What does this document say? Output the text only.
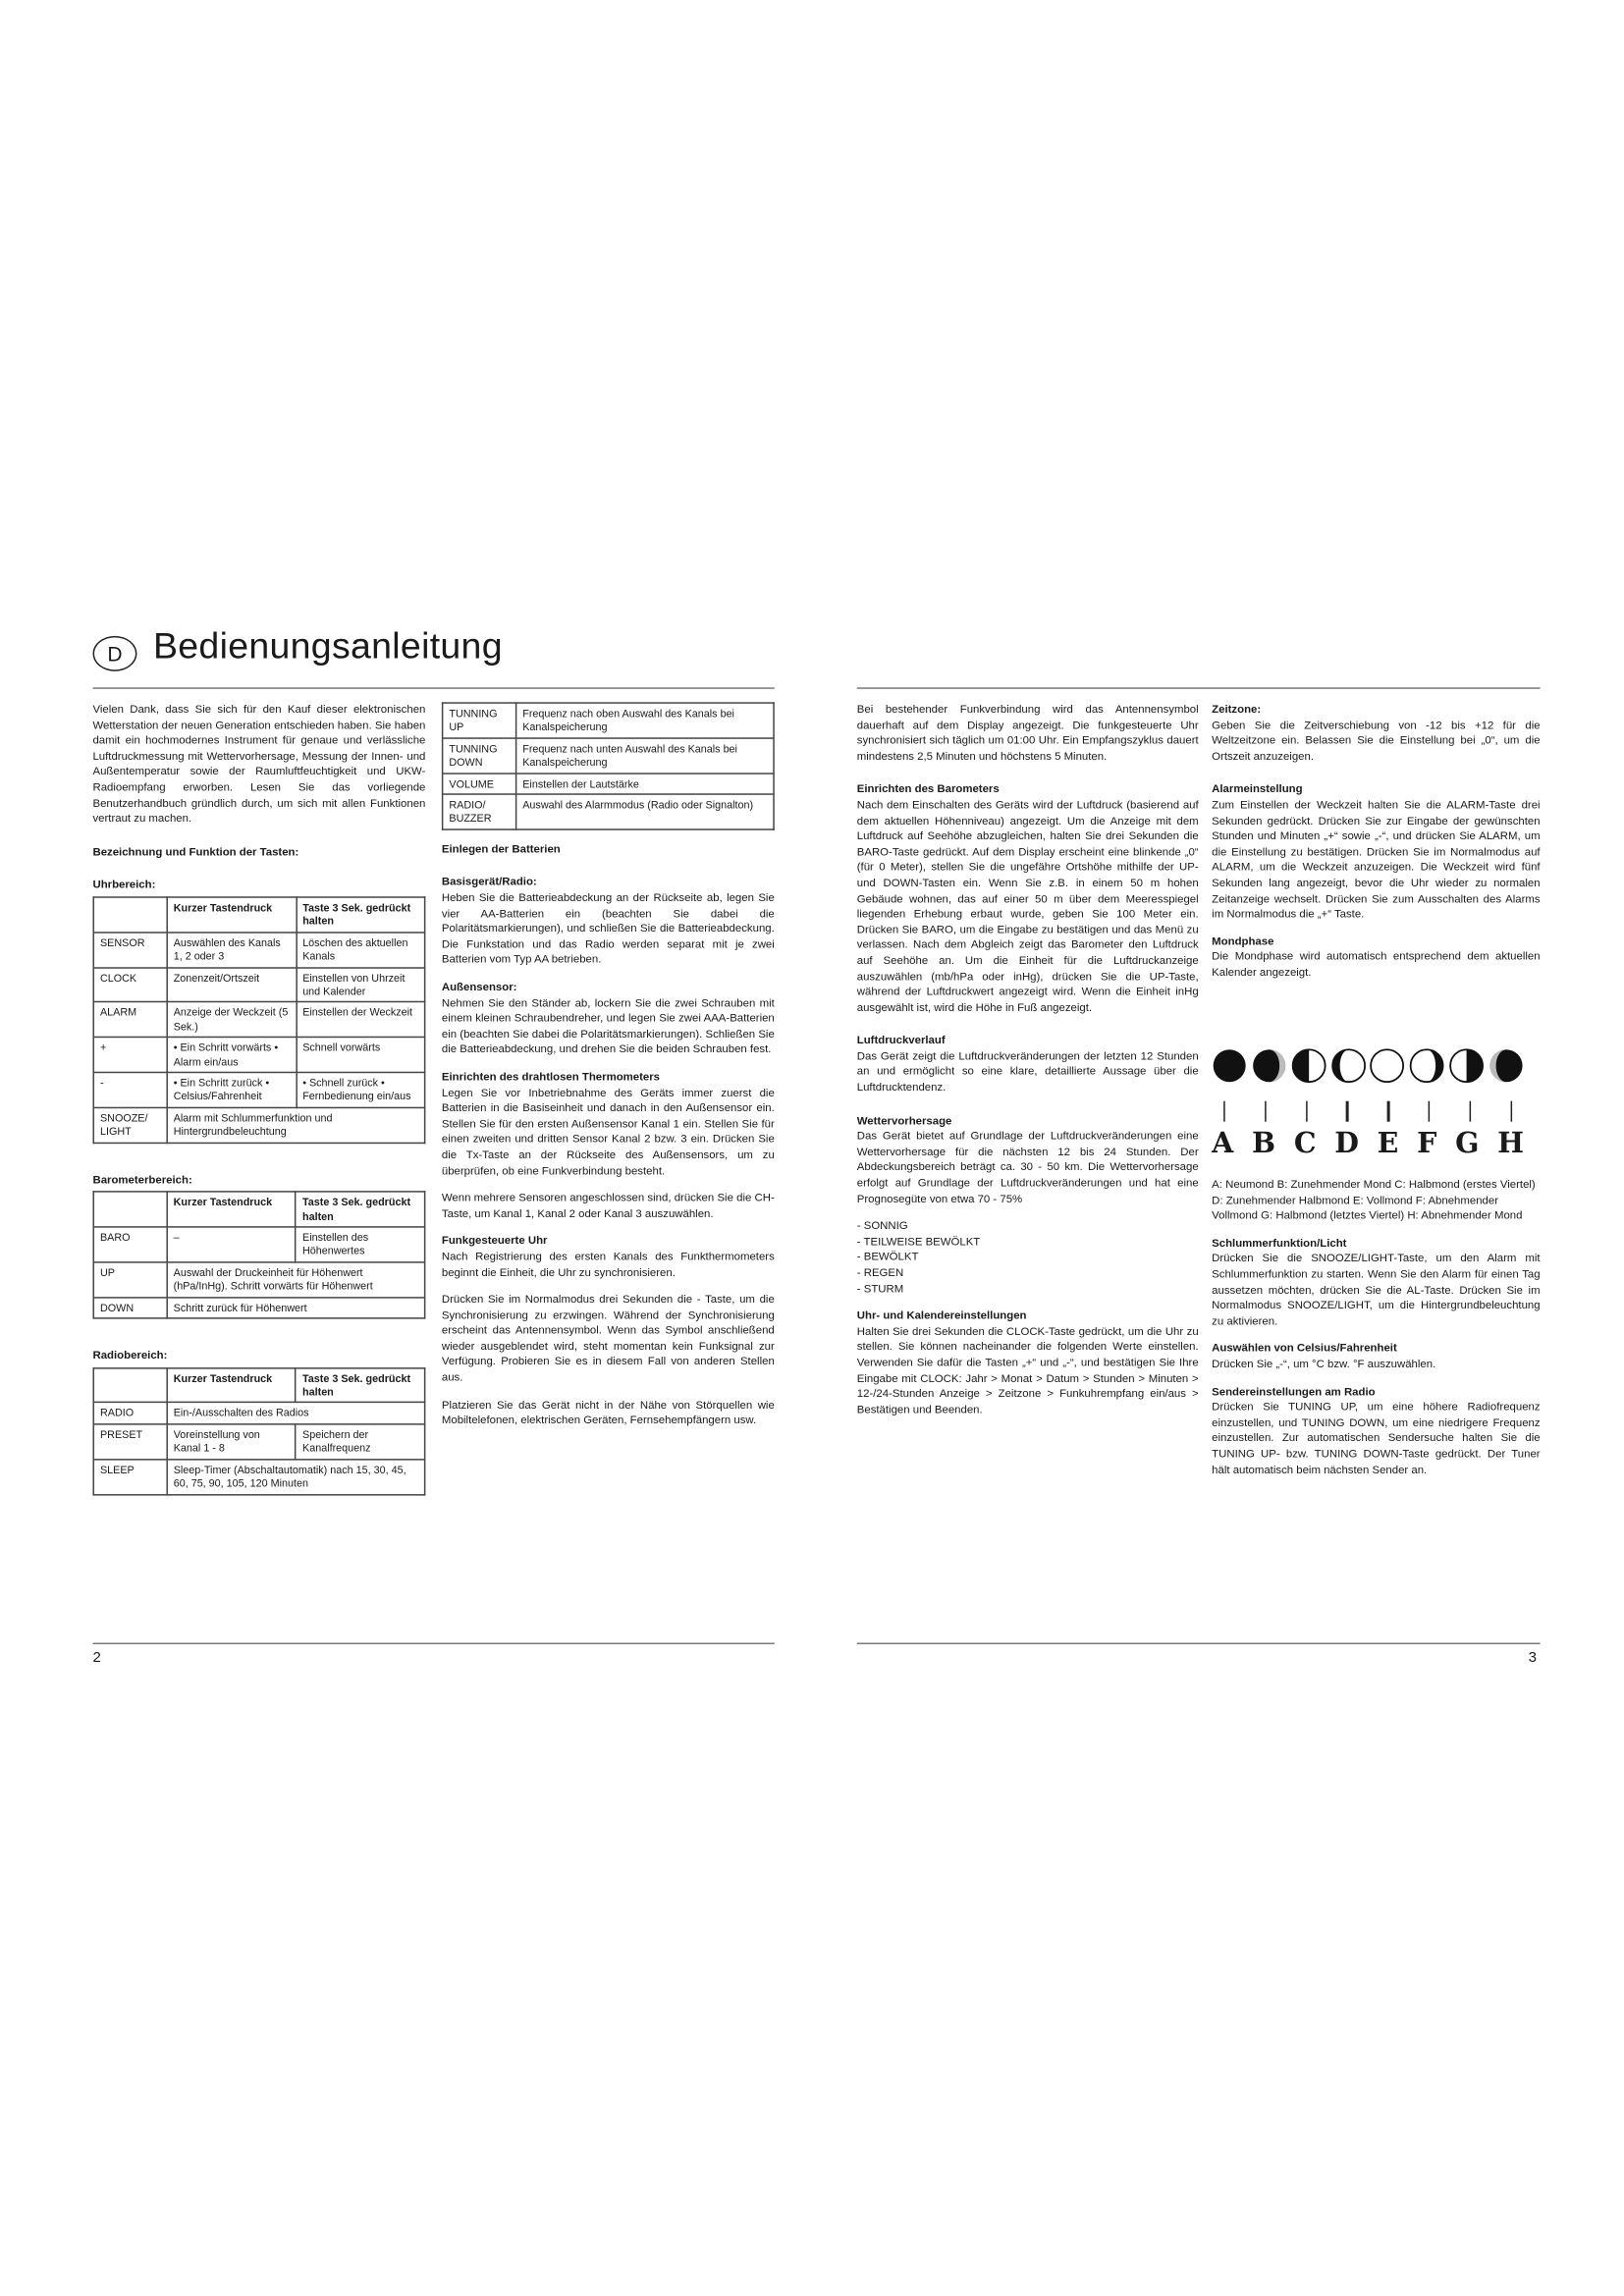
D	Bedienungsanleitung

Vielen Dank, dass Sie sich für den Kauf dieser elektronischen Wetterstation der neuen Generation entschieden haben. Sie haben damit ein hochmodernes Instrument für genaue und verlässliche Luftdruckmessung mit Wettervorhersage, Messung der Innen- und Außentemperatur sowie der Raumluftfeuchtigkeit und UKW-Radioempfang erworben. Lesen Sie das vorliegende Benutzerhandbuch gründlich durch, um sich mit allen Funktionen vertraut zu machen.

Bezeichnung und Funktion der Tasten:

Uhrbereich:

	Kurzer Tastendruck	Taste 3 Sek. gedrückt halten
SENSOR	Auswählen des Kanals 1, 2 oder 3	Löschen des aktuellen Kanals
CLOCK	Zonenzeit/Ortszeit	Einstellen von Uhrzeit und Kalender
ALARM	Anzeige der Weckzeit (5 Sek.)	Einstellen der Weckzeit
+	• Ein Schritt vorwärts • Alarm ein/aus	Schnell vorwärts
-	• Ein Schritt zurück • Celsius/Fahrenheit	• Schnell zurück • Fernbedienung ein/aus
SNOOZE/ LIGHT	Alarm mit Schlummerfunktion und Hintergrundbeleuchtung	

Barometerbereich:

	Kurzer Tastendruck	Taste 3 Sek. gedrückt halten
BARO	–	Einstellen des Höhenwertes
UP	Auswahl der Druckeinheit für Höhenwert (hPa/InHg). Schritt vorwärts für Höhenwert	
DOWN	Schritt zurück für Höhenwert	

Radiobereich:

	Kurzer Tastendruck	Taste 3 Sek. gedrückt halten
RADIO	Ein-/Ausschalten des Radios	
PRESET	Voreinstellung von Kanal 1 - 8	Speichern der Kanalfrequenz
SLEEP	Sleep-Timer (Abschaltautomatik) nach 15, 30, 45, 60, 75, 90, 105, 120 Minuten	
TUNNING UP	Frequenz nach oben Auswahl des Kanals bei Kanalspeicherung
TUNNING DOWN	Frequenz nach unten Auswahl des Kanals bei Kanalspeicherung
VOLUME	Einstellen der Lautstärke
RADIO/ BUZZER	Auswahl des Alarmmodus (Radio oder Signalton)

Einlegen der Batterien

Basisgerät/Radio:

Heben Sie die Batterieabdeckung an der Rückseite ab, legen Sie vier AA-Batterien ein (beachten Sie dabei die Polaritätsmarkierungen), und schließen Sie die Batterieabdeckung. Die Funkstation und das Radio werden separat mit je zwei Batterien vom Typ AA betrieben.

Außensensor:

Nehmen Sie den Ständer ab, lockern Sie die zwei Schrauben mit einem kleinen Schraubendreher, und legen Sie zwei AAA-Batterien ein (beachten Sie dabei die Polaritätsmarkierungen). Schließen Sie die Batterieabdeckung, und drehen Sie die beiden Schrauben fest.

Einrichten des drahtlosen Thermometers

Legen Sie vor Inbetriebnahme des Geräts immer zuerst die Batterien in die Basiseinheit und danach in den Außensensor ein. Stellen Sie für den ersten Außensensor Kanal 1 ein. Stellen Sie für einen zweiten und dritten Sensor Kanal 2 bzw. 3 ein. Drücken Sie die Tx-Taste an der Rückseite des Außensensors, um zu überprüfen, ob eine Funkverbindung besteht.

Wenn mehrere Sensoren angeschlossen sind, drücken Sie die CH-Taste, um Kanal 1, Kanal 2 oder Kanal 3 auszuwählen.

Funkgesteuerte Uhr

Nach Registrierung des ersten Kanals des Funkthermometers beginnt die Einheit, die Uhr zu synchronisieren.

Drücken Sie im Normalmodus drei Sekunden die - Taste, um die Synchronisierung zu erzwingen. Während der Synchronisierung erscheint das Antennensymbol. Wenn das Symbol anschließend wieder ausgeblendet wird, steht momentan kein Funksignal zur Verfügung. Probieren Sie es in diesem Fall von anderen Stellen aus.

Platzieren Sie das Gerät nicht in der Nähe von Störquellen wie Mobiltelefonen, elektrischen Geräten, Fernsehempfängern usw.

Bei bestehender Funkverbindung wird das Antennensymbol dauerhaft auf dem Display angezeigt. Die funkgesteuerte Uhr synchronisiert sich täglich um 01:00 Uhr. Ein Empfangszyklus dauert mindestens 2,5 Minuten und höchstens 5 Minuten.

Einrichten des Barometers

Nach dem Einschalten des Geräts wird der Luftdruck (basierend auf dem aktuellen Höhenniveau) angezeigt. Um die Anzeige mit dem Luftdruck auf Seehöhe abzugleichen, halten Sie drei Sekunden die BARO-Taste gedrückt. Auf dem Display erscheint eine blinkende „0“ (für 0 Meter), stellen Sie die ungefähre Ortshöhe mithilfe der UP- und DOWN-Tasten ein. Wenn Sie z.B. in einem 50 m hohen Gebäude wohnen, das auf einer 50 m über dem Meeresspiegel liegenden Erhebung erbaut wurde, geben Sie 100 Meter ein. Drücken Sie BARO, um die Eingabe zu bestätigen und das Menü zu verlassen. Nach dem Abgleich zeigt das Barometer den Luftdruck auf Seehöhe an. Um die Einheit für die Luftdruckanzeige auszuwählen (mb/hPa oder inHg), drücken Sie die UP-Taste, während der Luftdruckwert angezeigt wird. Wenn die Einheit inHg ausgewählt ist, wird die Höhe in Fuß angezeigt.

Luftdruckverlauf

Das Gerät zeigt die Luftdruckveränderungen der letzten 12 Stunden an und ermöglicht so eine klare, detaillierte Aussage über die Luftdrucktendenz.

Wettervorhersage

Das Gerät bietet auf Grundlage der Luftdruckveränderungen eine Wettervorhersage für die nächsten 12 bis 24 Stunden. Der Abdeckungsbereich beträgt ca. 30 - 50 km. Die Wettervorhersage erfolgt auf Grundlage der Luftdruckveränderungen und hat eine Prognosegüte von etwa 70 - 75%

- SONNIG
- TEILWEISE BEWÖLKT
- BEWÖLKT
- REGEN
- STURM

Uhr- und Kalendereinstellungen

Halten Sie drei Sekunden die CLOCK-Taste gedrückt, um die Uhr zu stellen. Sie können nacheinander die folgenden Werte einstellen. Verwenden Sie dafür die Tasten „+“ und „-“, und bestätigen Sie Ihre Eingabe mit CLOCK: Jahr > Monat > Datum > Stunden > Minuten > 12-/24-Stunden Anzeige > Zeitzone > Funkuhrempfang ein/aus > Bestätigen und Beenden.

Zeitzone:

Geben Sie die Zeitverschiebung von -12 bis +12 für die Weltzeitzone ein. Belassen Sie die Einstellung bei „0“, um die Ortszeit anzuzeigen.

Alarmeinstellung

Zum Einstellen der Weckzeit halten Sie die ALARM-Taste drei Sekunden gedrückt. Drücken Sie zur Eingabe der gewünschten Stunden und Minuten „+“ sowie „-“, und drücken Sie ALARM, um die Einstellung zu bestätigen. Drücken Sie im Normalmodus auf ALARM, um die Weckzeit anzuzeigen. Die Weckzeit wird fünf Sekunden lang angezeigt, bevor die Uhr wieder zu normalen Zeitanzeige wechselt. Drücken Sie zum Ausschalten des Alarms im Normalmodus die „+“ Taste.

Mondphase

Die Mondphase wird automatisch entsprechend dem aktuellen Kalender angezeigt.

A B C D E F G H

A: Neumond B: Zunehmender Mond C: Halbmond (erstes Viertel) D: Zunehmender Halbmond E: Vollmond F: Abnehmender Vollmond G: Halbmond (letztes Viertel) H: Abnehmender Mond

Schlummerfunktion/Licht

Drücken Sie die SNOOZE/LIGHT-Taste, um den Alarm mit Schlummerfunktion zu starten. Wenn Sie den Alarm für einen Tag aussetzen möchten, drücken Sie die AL-Taste. Drücken Sie im Normalmodus SNOOZE/LIGHT, um die Hintergrundbeleuchtung zu aktivieren.

Auswählen von Celsius/Fahrenheit

Drücken Sie „-“, um °C bzw. °F auszuwählen.

Sendereinstellungen am Radio

Drücken Sie TUNING UP, um eine höhere Radiofrequenz einzustellen, und TUNING DOWN, um eine niedrigere Frequenz einzustellen. Zur automatischen Sendersuche halten Sie die TUNING UP- bzw. TUNING DOWN-Taste gedrückt. Der Tuner hält automatisch beim nächsten Sender an.

2	3
